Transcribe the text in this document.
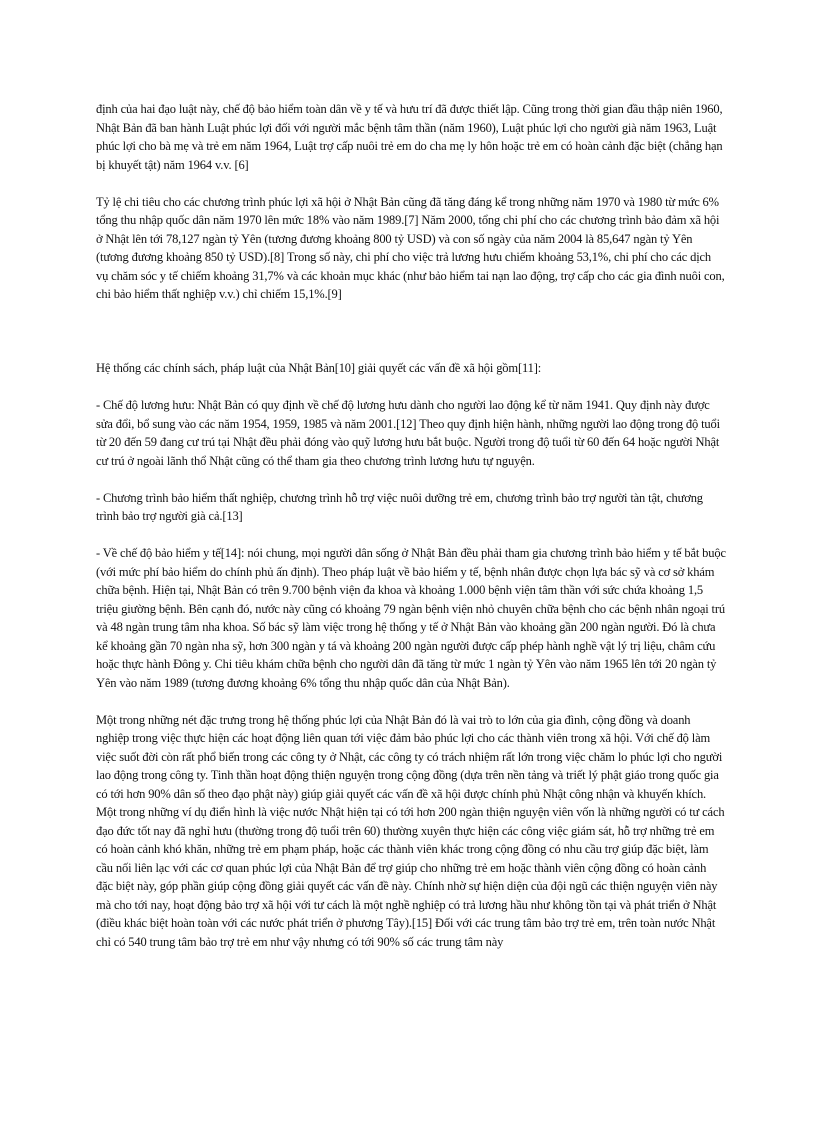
định của hai đạo luật này, chế độ bảo hiểm toàn dân về y tế và hưu trí đã được thiết lập. Cũng trong thời gian đầu thập niên 1960, Nhật Bản đã ban hành Luật phúc lợi đối với người mắc bệnh tâm thần (năm 1960), Luật phúc lợi cho người già năm 1963, Luật phúc lợi cho bà mẹ và trẻ em năm 1964, Luật trợ cấp nuôi trẻ em do cha mẹ ly hôn hoặc trẻ em có hoàn cảnh đặc biệt (chẳng hạn bị khuyết tật) năm 1964 v.v. [6]

Tỷ lệ chi tiêu cho các chương trình phúc lợi xã hội ở Nhật Bản cũng đã tăng đáng kể trong những năm 1970 và 1980 từ mức 6% tổng thu nhập quốc dân năm 1970 lên mức 18% vào năm 1989.[7] Năm 2000, tổng chi phí cho các chương trình bảo đảm xã hội ở Nhật lên tới 78,127 ngàn tỷ Yên (tương đương khoảng 800 tỷ USD) và con số ngày của năm 2004 là 85,647 ngàn tỷ Yên (tương đương khoảng 850 tỷ USD).[8] Trong số này, chi phí cho việc trả lương hưu chiếm khoảng 53,1%, chi phí cho các dịch vụ chăm sóc y tế chiếm khoảng 31,7% và các khoản mục khác (như bảo hiểm tai nạn lao động, trợ cấp cho các gia đình nuôi con, chi bảo hiểm thất nghiệp v.v.) chỉ chiếm 15,1%.[9]

Hệ thống các chính sách, pháp luật của Nhật Bản[10] giải quyết các vấn đề xã hội gồm[11]:

- Chế độ lương hưu: Nhật Bản có quy định về chế độ lương hưu dành cho người lao động kể từ năm 1941. Quy định này được sửa đổi, bổ sung vào các năm 1954, 1959, 1985 và năm 2001.[12] Theo quy định hiện hành, những người lao động trong độ tuổi từ 20 đến 59 đang cư trú tại Nhật đều phải đóng vào quỹ lương hưu bắt buộc. Người trong độ tuổi từ 60 đến 64 hoặc người Nhật cư trú ở ngoài lãnh thổ Nhật cũng có thể tham gia theo chương trình lương hưu tự nguyện.

- Chương trình bảo hiểm thất nghiệp, chương trình hỗ trợ việc nuôi dưỡng trẻ em, chương trình bảo trợ người tàn tật, chương trình bảo trợ người già cả.[13]

- Về chế độ bảo hiểm y tế[14]: nói chung, mọi người dân sống ở Nhật Bản đều phải tham gia chương trình bảo hiểm y tế bắt buộc (với mức phí bảo hiểm do chính phủ ấn định). Theo pháp luật về bảo hiểm y tế, bệnh nhân được chọn lựa bác sỹ và cơ sở khám chữa bệnh. Hiện tại, Nhật Bản có trên 9.700 bệnh viện đa khoa và khoảng 1.000 bệnh viện tâm thần với sức chứa khoảng 1,5 triệu giường bệnh. Bên cạnh đó, nước này cũng có khoảng 79 ngàn bệnh viện nhỏ chuyên chữa bệnh cho các bệnh nhân ngoại trú và 48 ngàn trung tâm nha khoa. Số bác sỹ làm việc trong hệ thống y tế ở Nhật Bản vào khoảng gần 200 ngàn người. Đó là chưa kể khoảng gần 70 ngàn nha sỹ, hơn 300 ngàn y tá và khoảng 200 ngàn người được cấp phép hành nghề vật lý trị liệu, châm cứu hoặc thực hành Đông y. Chi tiêu khám chữa bệnh cho người dân đã tăng từ mức 1 ngàn tỷ Yên vào năm 1965 lên tới 20 ngàn tỷ Yên vào năm 1989 (tương đương khoảng 6% tổng thu nhập quốc dân của Nhật Bản).

Một trong những nét đặc trưng trong hệ thống phúc lợi của Nhật Bản đó là vai trò to lớn của gia đình, cộng đồng và doanh nghiệp trong việc thực hiện các hoạt động liên quan tới việc đảm bảo phúc lợi cho các thành viên trong xã hội. Với chế độ làm việc suốt đời còn rất phổ biến trong các công ty ở Nhật, các công ty có trách nhiệm rất lớn trong việc chăm lo phúc lợi cho người lao động trong công ty. Tinh thần hoạt động thiện nguyện trong cộng đồng (dựa trên nền tảng và triết lý phật giáo trong quốc gia có tới hơn 90% dân số theo đạo phật này) giúp giải quyết các vấn đề xã hội được chính phủ Nhật công nhận và khuyến khích. Một trong những ví dụ điển hình là việc nước Nhật hiện tại có tới hơn 200 ngàn thiện nguyện viên vốn là những người có tư cách đạo đức tốt nay đã nghỉ hưu (thường trong độ tuổi trên 60) thường xuyên thực hiện các công việc giám sát, hỗ trợ những trẻ em có hoàn cảnh khó khăn, những trẻ em phạm pháp, hoặc các thành viên khác trong cộng đồng có nhu cầu trợ giúp đặc biệt, làm cầu nối liên lạc với các cơ quan phúc lợi của Nhật Bản để trợ giúp cho những trẻ em hoặc thành viên cộng đồng có hoàn cảnh đặc biệt này, góp phần giúp cộng đồng giải quyết các vấn đề này. Chính nhờ sự hiện diện của đội ngũ các thiện nguyện viên này mà cho tới nay, hoạt động bảo trợ xã hội với tư cách là một nghề nghiệp có trả lương hầu như không tồn tại và phát triển ở Nhật (điều khác biệt hoàn toàn với các nước phát triển ở phương Tây).[15] Đối với các trung tâm bảo trợ trẻ em, trên toàn nước Nhật chỉ có 540 trung tâm bảo trợ trẻ em như vậy nhưng có tới 90% số các trung tâm này
